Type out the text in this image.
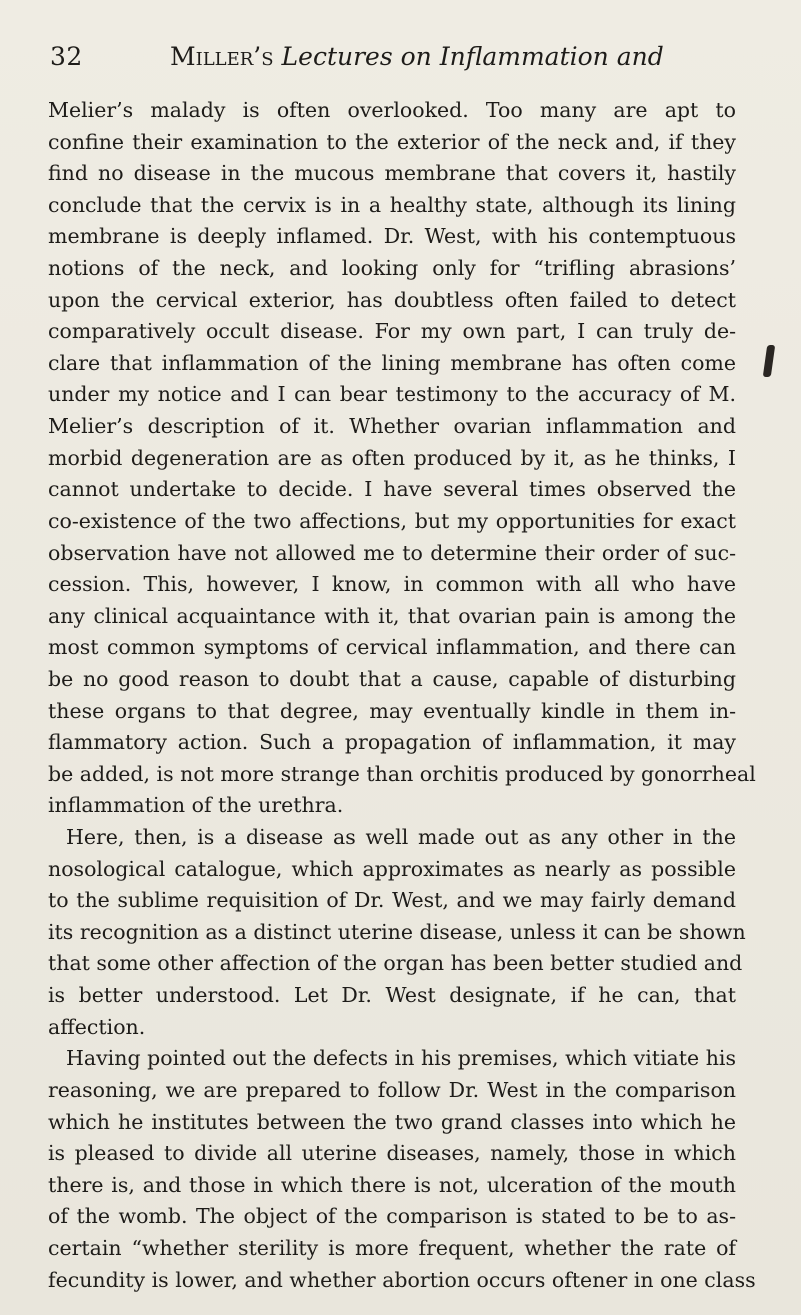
32	Miller’s Lectures on Inflammation and
Melier’s malady is often overlooked. Too many are apt to
confine their examination to the exterior of the neck and, if they
find no disease in the mucous membrane that covers it, hastily
conclude that the cervix is in a healthy state, although its lining
membrane is deeply inflamed. Dr. West, with his contemptuous
notions of the neck, and looking only for “trifling abrasions’
upon the cervical exterior, has doubtless often failed to detect
comparatively occult disease. For my own part, I can truly de-
clare that inflammation of the lining membrane has often come
under my notice and I can bear testimony to the accuracy of M.
Melier’s description of it. Whether ovarian inflammation and
morbid degeneration are as often produced by it, as he thinks, I
cannot undertake to decide. I have several times observed the
co-existence of the two affections, but my opportunities for exact
observation have not allowed me to determine their order of suc-
cession. This, however, I know, in common with all who have
any clinical acquaintance with it, that ovarian pain is among the
most common symptoms of cervical inflammation, and there can
be no good reason to doubt that a cause, capable of disturbing
these organs to that degree, may eventually kindle in them in-
flammatory action. Such a propagation of inflammation, it may
be added, is not more strange than orchitis produced by gonorrheal
inflammation of the urethra.
Here, then, is a disease as well made out as any other in the
nosological catalogue, which approximates as nearly as possible
to the sublime requisition of Dr. West, and we may fairly demand
its recognition as a distinct uterine disease, unless it can be shown
that some other affection of the organ has been better studied and
is better understood. Let Dr. West designate, if he can, that
affection.
Having pointed out the defects in his premises, which vitiate his
reasoning, we are prepared to follow Dr. West in the comparison
which he institutes between the two grand classes into which he
is pleased to divide all uterine diseases, namely, those in which
there is, and those in which there is not, ulceration of the mouth
of the womb. The object of the comparison is stated to be to as-
certain “whether sterility is more frequent, whether the rate of
fecundity is lower, and whether abortion occurs oftener in one class
